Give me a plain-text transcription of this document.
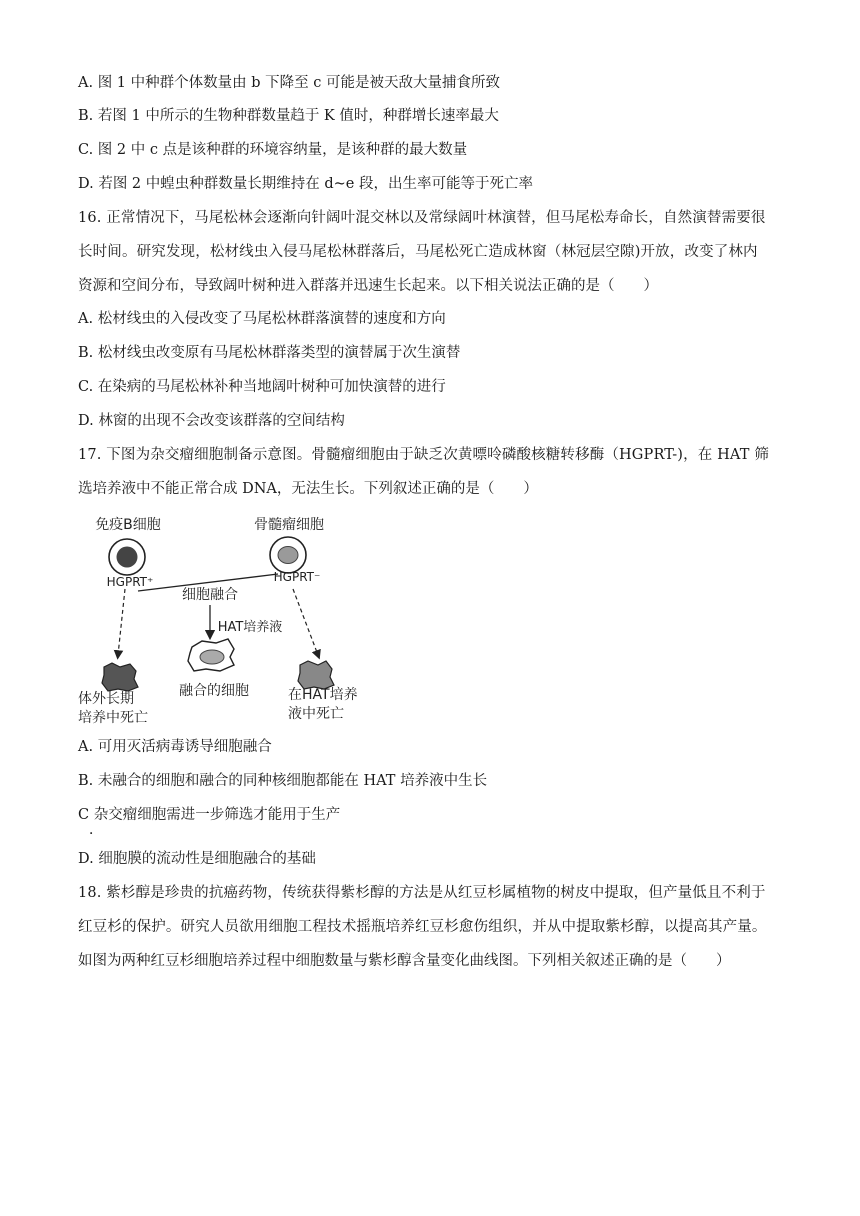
A. 图 1 中种群个体数量由 b 下降至 c 可能是被天敌大量捕食所致
B. 若图 1 中所示的生物种群数量趋于 K 值时，种群增长速率最大
C. 图 2 中 c 点是该种群的环境容纳量，是该种群的最大数量
D. 若图 2 中蝗虫种群数量长期维持在 d~e 段，出生率可能等于死亡率
16. 正常情况下，马尾松林会逐渐向针阔叶混交林以及常绿阔叶林演替，但马尾松寿命长，自然演替需要很
长时间。研究发现，松材线虫入侵马尾松林群落后，马尾松死亡造成林窗（林冠层空隙)开放，改变了林内
资源和空间分布，导致阔叶树种进入群落并迅速生长起来。以下相关说法正确的是（　　）
A. 松材线虫的入侵改变了马尾松林群落演替的速度和方向
B. 松材线虫改变原有马尾松林群落类型的演替属于次生演替
C. 在染病的马尾松林补种当地阔叶树种可加快演替的进行
D. 林窗的出现不会改变该群落的空间结构
17. 下图为杂交瘤细胞制备示意图。骨髓瘤细胞由于缺乏次黄嘌呤磷酸核糖转移酶（HGPRT-)，在 HAT 筛
选培养液中不能正常合成 DNA，无法生长。下列叙述正确的是（　　）
免疫B细胞
HGPRT⁺
骨髓瘤细胞
HGPRT⁻
细胞融合
HAT培养液
体外长期
培养中死亡
融合的细胞	在HAT培养
液中死亡
A. 可用灭活病毒诱导细胞融合
B. 未融合的细胞和融合的同种核细胞都能在 HAT 培养液中生长
C 杂交瘤细胞需进一步筛选才能用于生产
．
D. 细胞膜的流动性是细胞融合的基础
18. 紫杉醇是珍贵的抗癌药物，传统获得紫杉醇的方法是从红豆杉属植物的树皮中提取，但产量低且不利于
红豆杉的保护。研究人员欲用细胞工程技术摇瓶培养红豆杉愈伤组织，并从中提取紫杉醇，以提高其产量。
如图为两种红豆杉细胞培养过程中细胞数量与紫杉醇含量变化曲线图。下列相关叙述正确的是（　　）
